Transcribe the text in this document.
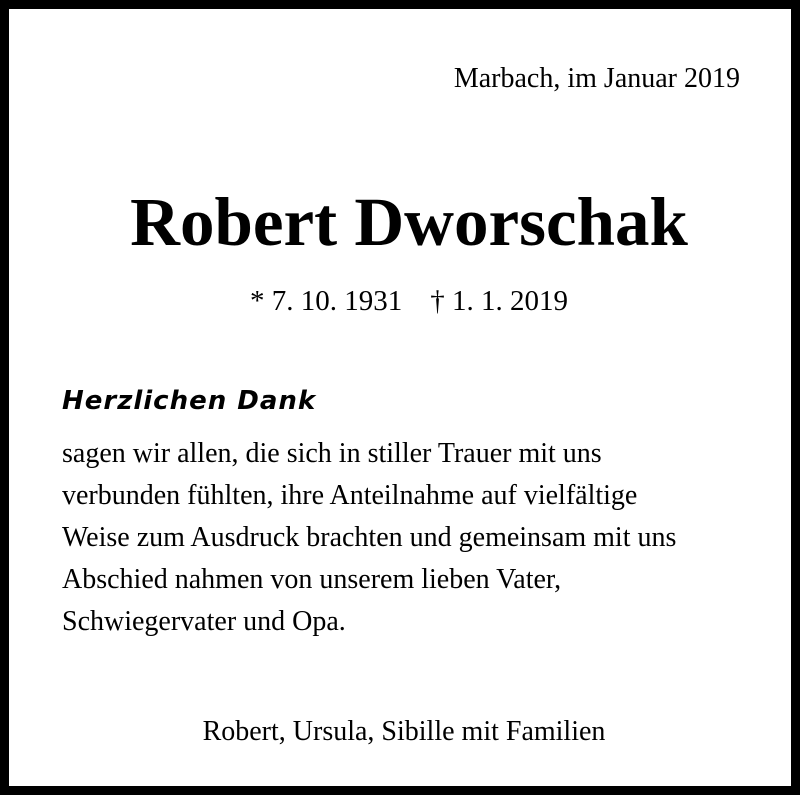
Marbach, im Januar 2019
Robert Dworschak
* 7. 10. 1931 † 1. 1. 2019
Herzlichen Dank
sagen wir allen, die sich in stiller Trauer mit uns
verbunden fühlten, ihre Anteilnahme auf vielfältige
Weise zum Ausdruck brachten und gemeinsam mit uns
Abschied nahmen von unserem lieben Vater,
Schwiegervater und Opa.
Robert, Ursula, Sibille mit Familien
